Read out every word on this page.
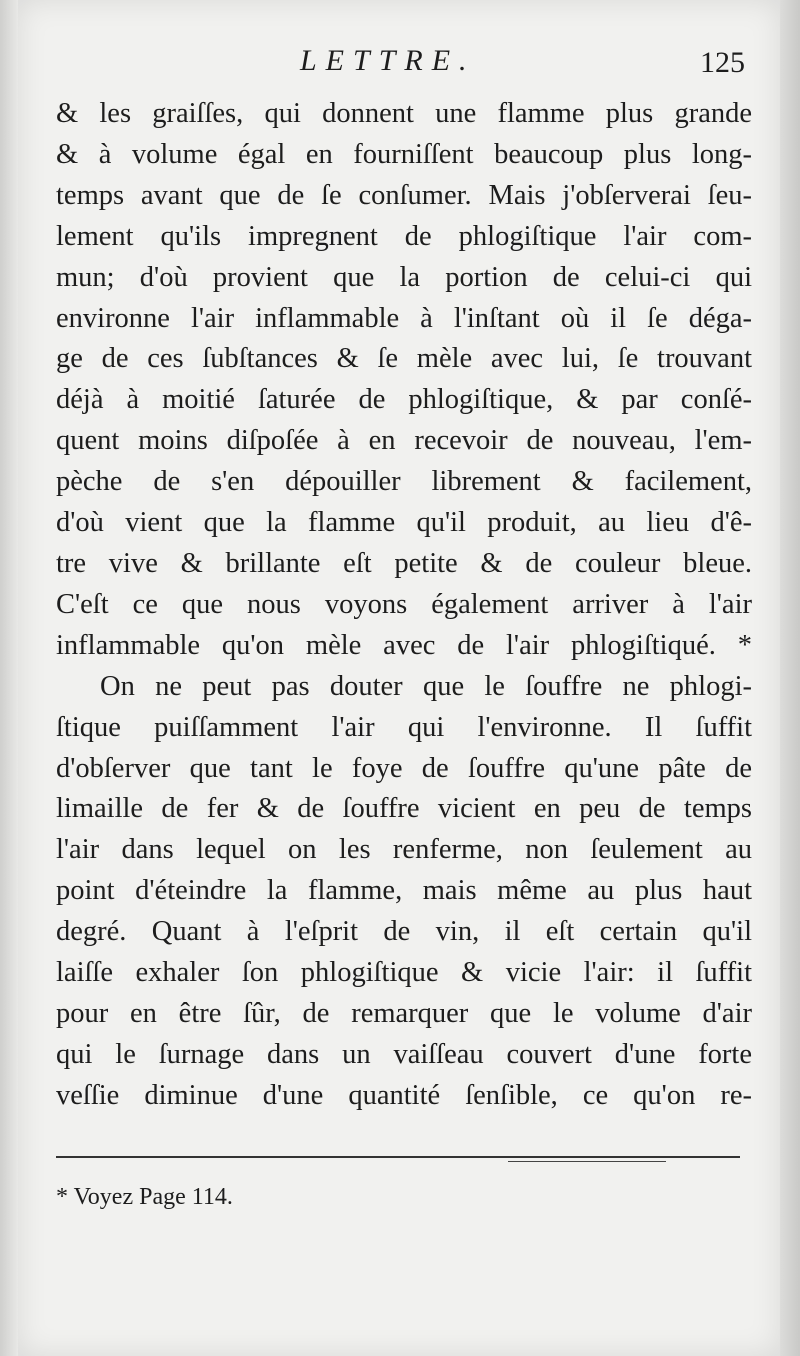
LETTRE.	125
& les graiſſes, qui donnent une flamme plus grande
& à volume égal en fourniſſent beaucoup plus long-
temps avant que de ſe conſumer. Mais j'obſerverai ſeu-
lement qu'ils impregnent de phlogiſtique l'air com-
mun; d'où provient que la portion de celui-ci qui
environne l'air inflammable à l'inſtant où il ſe déga-
ge de ces ſubſtances & ſe mèle avec lui, ſe trouvant
déjà à moitié ſaturée de phlogiſtique, & par conſé-
quent moins diſpoſée à en recevoir de nouveau, l'em-
pèche de s'en dépouiller librement & facilement,
d'où vient que la flamme qu'il produit, au lieu d'ê-
tre vive & brillante eſt petite & de couleur bleue.
C'eſt ce que nous voyons également arriver à l'air
inflammable qu'on mèle avec de l'air phlogiſtiqué. *
On ne peut pas douter que le ſouffre ne phlogi-
ſtique puiſſamment l'air qui l'environne. Il ſuffit
d'obſerver que tant le foye de ſouffre qu'une pâte de
limaille de fer & de ſouffre vicient en peu de temps
l'air dans lequel on les renferme, non ſeulement au
point d'éteindre la flamme, mais même au plus haut
degré. Quant à l'eſprit de vin, il eſt certain qu'il
laiſſe exhaler ſon phlogiſtique & vicie l'air: il ſuffit
pour en être ſûr, de remarquer que le volume d'air
qui le ſurnage dans un vaiſſeau couvert d'une forte
veſſie diminue d'une quantité ſenſible, ce qu'on re-
* Voyez Page 114.
